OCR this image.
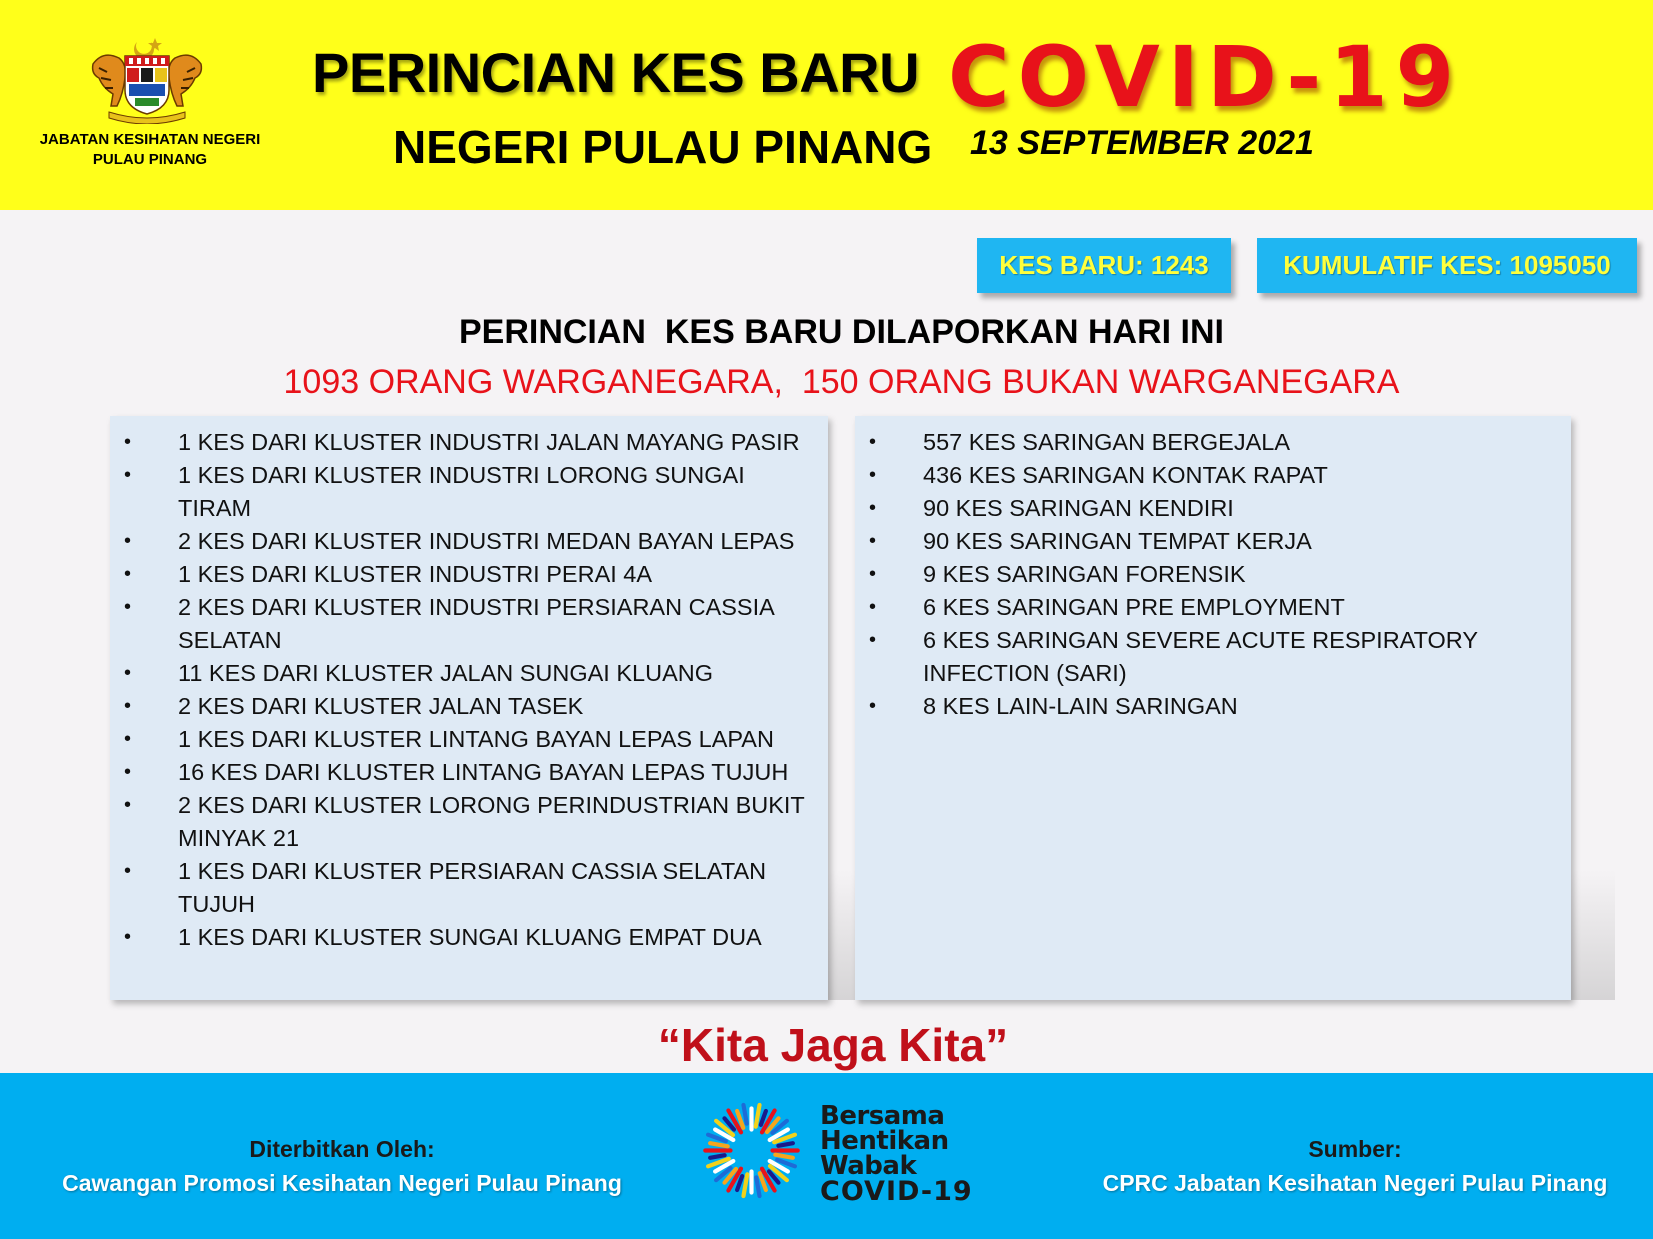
JABATAN KESIHATAN NEGERI
PULAU PINANG
PERINCIAN KES BARU COVID-19
NEGERI PULAU PINANG 13 SEPTEMBER 2021
KES BARU: 1243	KUMULATIF KES: 1095050
PERINCIAN  KES BARU DILAPORKAN HARI INI
1093 ORANG WARGANEGARA,  150 ORANG BUKAN WARGANEGARA
• 1 KES DARI KLUSTER INDUSTRI JALAN MAYANG PASIR
• 1 KES DARI KLUSTER INDUSTRI LORONG SUNGAI TIRAM
• 2 KES DARI KLUSTER INDUSTRI MEDAN BAYAN LEPAS
• 1 KES DARI KLUSTER INDUSTRI PERAI 4A
• 2 KES DARI KLUSTER INDUSTRI PERSIARAN CASSIA SELATAN
• 11 KES DARI KLUSTER JALAN SUNGAI KLUANG
• 2 KES DARI KLUSTER JALAN TASEK
• 1 KES DARI KLUSTER LINTANG BAYAN LEPAS LAPAN
• 16 KES DARI KLUSTER LINTANG BAYAN LEPAS TUJUH
• 2 KES DARI KLUSTER LORONG PERINDUSTRIAN BUKIT MINYAK 21
• 1 KES DARI KLUSTER PERSIARAN CASSIA SELATAN TUJUH
• 1 KES DARI KLUSTER SUNGAI KLUANG EMPAT DUA
• 557 KES SARINGAN BERGEJALA
• 436 KES SARINGAN KONTAK RAPAT
• 90 KES SARINGAN KENDIRI
• 90 KES SARINGAN TEMPAT KERJA
• 9 KES SARINGAN FORENSIK
• 6 KES SARINGAN PRE EMPLOYMENT
• 6 KES SARINGAN SEVERE ACUTE RESPIRATORY INFECTION (SARI)
• 8 KES LAIN-LAIN SARINGAN
“Kita Jaga Kita”
Diterbitkan Oleh:
Cawangan Promosi Kesihatan Negeri Pulau Pinang
Sumber:
CPRC Jabatan Kesihatan Negeri Pulau Pinang
Bersama
Hentikan
Wabak
COVID-19
